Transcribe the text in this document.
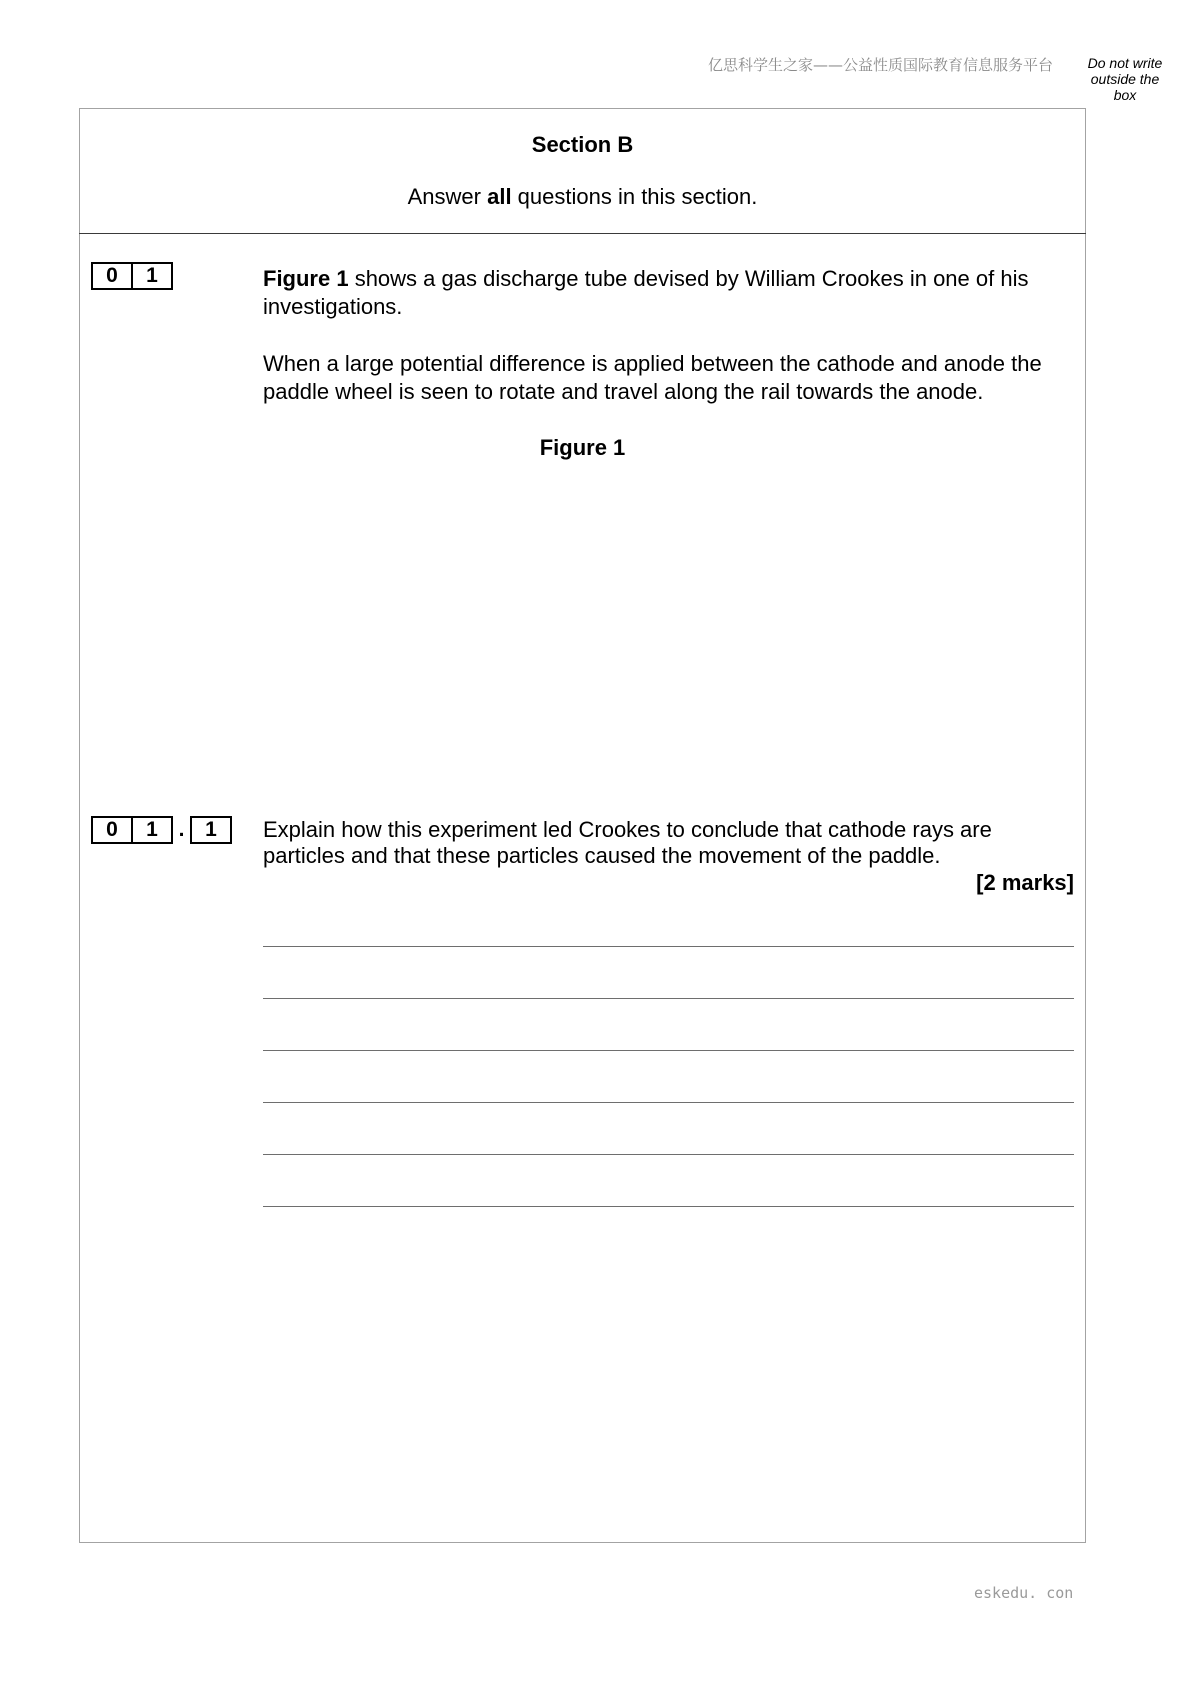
亿思科学生之家——公益性质国际教育信息服务平台	Do not write outside the box
Section B
Answer all questions in this section.
0	1	Figure 1 shows a gas discharge tube devised by William Crookes in one of his investigations.
When a large potential difference is applied between the cathode and anode the paddle wheel is seen to rotate and travel along the rail towards the anode.
Figure 1
0	1 . 1	Explain how this experiment led Crookes to conclude that cathode rays are particles and that these particles caused the movement of the paddle.
[2 marks]
eskedu. con
